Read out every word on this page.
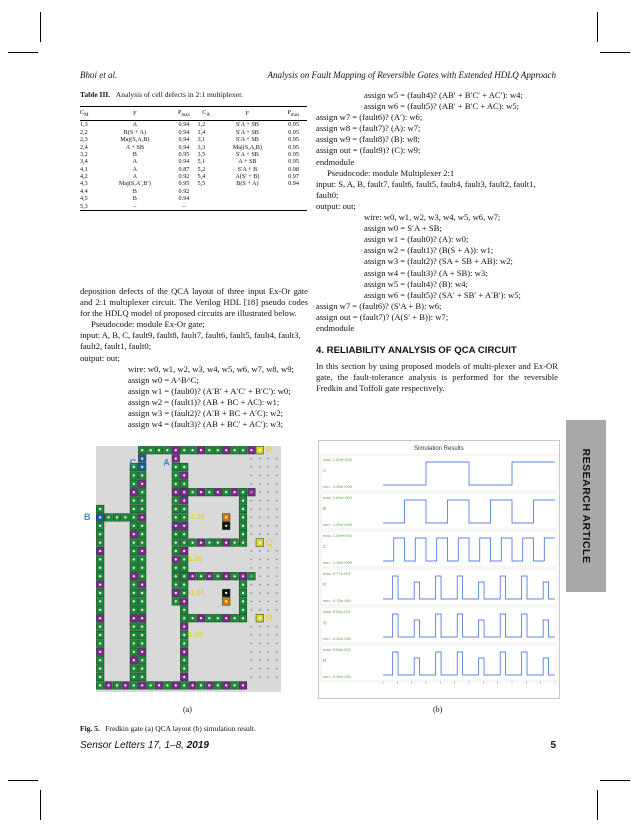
Bhoi et al.	Analysis on Fault Mapping of Reversible Gates with Extended HDLQ Approach
Table III. Analysis of cell defects in 2:1 multiplexer.
$C_M$	F	$P_{max}$	$C_A$	F	$P_{max}$
1,3	A	0.94	1,2	S′A + SB	0.95
2,2	B(S + A)	0.94	1,4	S′A + SB	0.95
2,3	Maj(S,A,B)	0.94	3,1	S′A + SB	0.95
2,4	A + SB	0.94	3,3	Maj(S,A,B)	0.95
3,2	B	0.95	3,5	S′A + SB	0.95
3,4	A	0.94	5,1	A + SB	0.95
4,1	A	0.87	5,2	S′A + B	0.98
4,2	A	0.92	5,4	A(S′ + B)	0.97
4,3	Maj(S,A′,B′)	0.95	5,5	B(S + A)	0.94
4,4	B	0.92			
4,5	B	0.94			
5,3	–	–			

deposition defects of the QCA layout of three input Ex-Or gate and 2:1 multiplexer circuit. The Verilog HDL [18] pseudo codes for the HDLQ model of proposed circuits are illustrated below.

Pseudocode: module Ex-Or gate;

input: A, B, C, fault9, fault8, fault7, fault6, fault5, fault4, fault3, fault2, fault1, fault0;

output: out;

wire: w0, w1, w2, w3, w4, w5, w6, w7, w8, w9;

assign w0 = A^B^C;

assign w1 = (fault0)? (A′B′ + A′C′ + B′C′): w0;

assign w2 = (fault1)? (AB + BC + AC): w1;

assign w3 = (fault2)? (A′B + BC + A′C): w2;

assign w4 = (fault3)? (AB + BC′ + AC′): w3;

assign w5 = (fault4)? (AB′ + B′C′ + AC′): w4;

assign w6 = (fault5)? (AB′ + B′C + AC): w5;

assign w7 = (fault6)? (A′): w6;

assign w8 = (fault7)? (A): w7;

assign w9 = (fault8)? (B): w8;

assign out = (fault9)? (C): w9;

endmodule

Pseudocode: module Multiplexer 2:1

input: S, A, B, fault7, fault6, fault5, fault4, fault3, fault2, fault1, fault0;

output: out;

wire: w0, w1, w2, w3, w4, w5, w6, w7;

assign w0 = S′A + SB;

assign w1 = (fault0)? (A): w0;

assign w2 = (fault1)? (B(S + A)): w1;

assign w3 = (fault2)? (SA + SB + AB): w2;

assign w4 = (fault3)? (A + SB): w3;

assign w5 = (fault4)? (B): w4;

assign w6 = (fault5)? (SA′ + SB′ + A′B′): w5;

assign w7 = (fault6)? (S′A + B): w6;

assign out = (fault7)? (A(S′ + B)): w7;

endmodule

4. RELIABILITY ANALYSIS OF QCA CIRCUIT

In this section by using proposed models of multi-plexer and Ex-OR gate, the fault-tolerance analysis is performed for the reversible Fredkin and Toffoli gate respectively.

RESEARCH ARTICLE
P
C	A
B
Q
R
-1.00
1.00
-1.00
1.00
Simulation Results
max: 1.00e+000
A
min: -1.00e+000
max: 1.00e+000
B
min: -1.00e+000
max: 1.00e+000
C
min: -1.00e+000
max: 9.77e-001
P
min: -9.76e-001
max: 9.54e-001
Q
min: -9.54e-001
max: 9.54e-001
R
min: -9.54e-001
(a)	(b)
Fig. 5. Fredkin gate (a) QCA layout (b) simulation result.
Sensor Letters 17, 1–8, 2019	5
